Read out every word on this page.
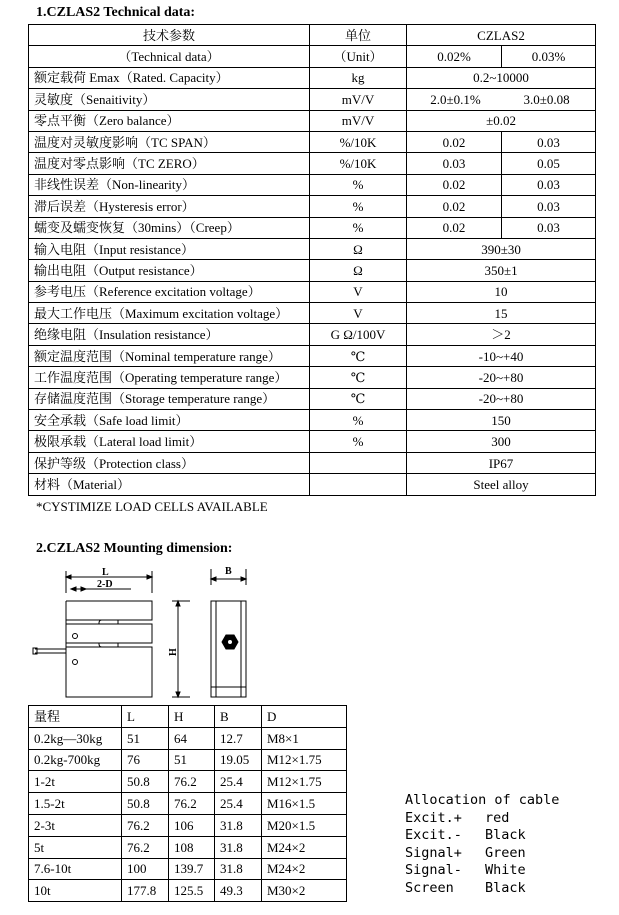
1.CZLAS2 Technical data:
技术参数	单位	CZLAS2	
（Technical data）	（Unit）	0.02%	0.03%
额定载荷 Emax（Rated. Capacity）	kg	0.2~10000	
灵敏度（Senaitivity）	mV/V	2.0±0.1% 3.0±0.08	

零点平衡（Zero balance）	mV/V	±0.02	
温度对灵敏度影响（TC SPAN）	%/10K	0.02	0.03
温度对零点影响（TC ZERO）	%/10K	0.03	0.05
非线性误差（Non-linearity）	%	0.02	0.03
滞后误差（Hysteresis error）	%	0.02	0.03
蠕变及蠕变恢复（30mins）（Creep）	%	0.02	0.03
输入电阻（Input resistance）	Ω	390±30	
输出电阻（Output resistance）	Ω	350±1	
参考电压（Reference excitation voltage）	V	10	
最大工作电压（Maximum excitation voltage）	V	15	
绝缘电阻（Insulation resistance）	G Ω/100V	＞2	
额定温度范围（Nominal temperature range）	℃	-10~+40	
工作温度范围（Operating temperature range）	℃	-20~+80	
存储温度范围（Storage temperature range）	℃	-20~+80	
安全承载（Safe load limit）	%	150	
极限承载（Lateral load limit）	%	300	
保护等级（Protection class）		IP67	
材料（Material）		Steel alloy	
*CYSTIMIZE LOAD CELLS AVAILABLE
2.CZLAS2 Mounting dimension:
L
2-D
H
B
量程	L	H	B	D
0.2kg—30kg	51	64	12.7	M8×1
0.2kg-700kg	76	51	19.05	M12×1.75
1-2t	50.8	76.2	25.4	M12×1.75
1.5-2t	50.8	76.2	25.4	M16×1.5
2-3t	76.2	106	31.8	M20×1.5
5t	76.2	108	31.8	M24×2
7.6-10t	100	139.7	31.8	M24×2
10t	177.8	125.5	49.3	M30×2
Allocation of cable
Excit.+	red
Excit.-	Black
Signal+	Green
Signal-	White
Screen	Black
